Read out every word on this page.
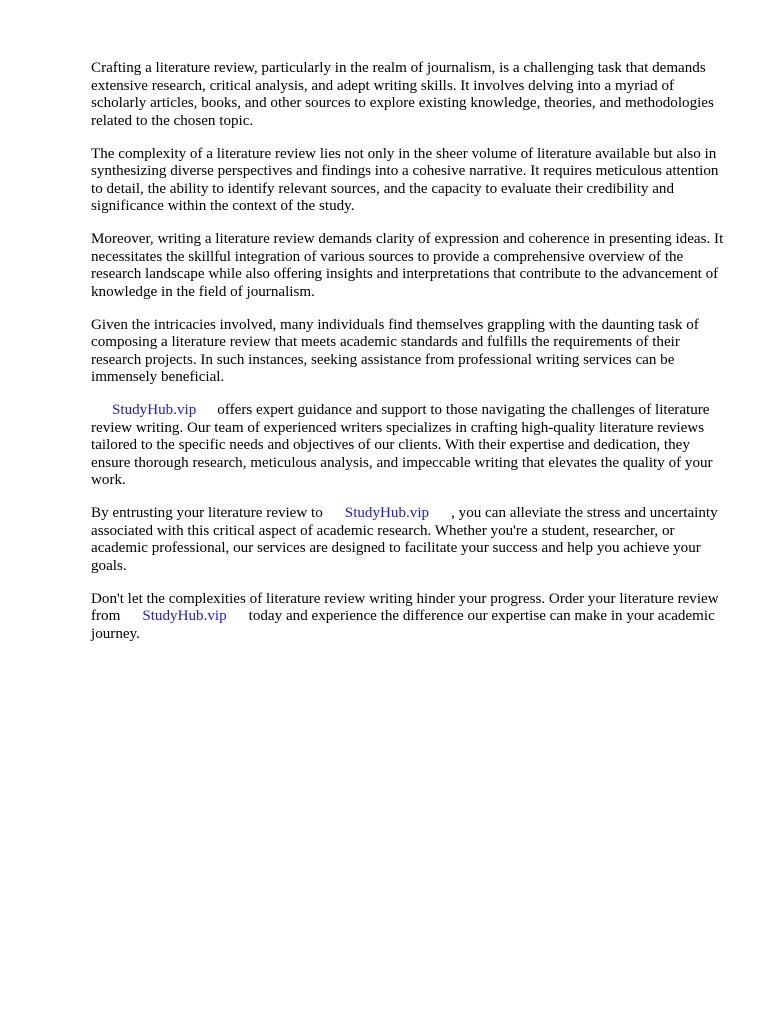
Crafting a literature review, particularly in the realm of journalism, is a challenging task that demands extensive research, critical analysis, and adept writing skills. It involves delving into a myriad of scholarly articles, books, and other sources to explore existing knowledge, theories, and methodologies related to the chosen topic.

The complexity of a literature review lies not only in the sheer volume of literature available but also in synthesizing diverse perspectives and findings into a cohesive narrative. It requires meticulous attention to detail, the ability to identify relevant sources, and the capacity to evaluate their credibility and significance within the context of the study.

Moreover, writing a literature review demands clarity of expression and coherence in presenting ideas. It necessitates the skillful integration of various sources to provide a comprehensive overview of the research landscape while also offering insights and interpretations that contribute to the advancement of knowledge in the field of journalism.

Given the intricacies involved, many individuals find themselves grappling with the daunting task of composing a literature review that meets academic standards and fulfills the requirements of their research projects. In such instances, seeking assistance from professional writing services can be immensely beneficial.

StudyHub.vip offers expert guidance and support to those navigating the challenges of literature review writing. Our team of experienced writers specializes in crafting high-quality literature reviews tailored to the specific needs and objectives of our clients. With their expertise and dedication, they ensure thorough research, meticulous analysis, and impeccable writing that elevates the quality of your work.

By entrusting your literature review to StudyHub.vip , you can alleviate the stress and uncertainty associated with this critical aspect of academic research. Whether you're a student, researcher, or academic professional, our services are designed to facilitate your success and help you achieve your goals.

Don't let the complexities of literature review writing hinder your progress. Order your literature review from StudyHub.vip today and experience the difference our expertise can make in your academic journey.
